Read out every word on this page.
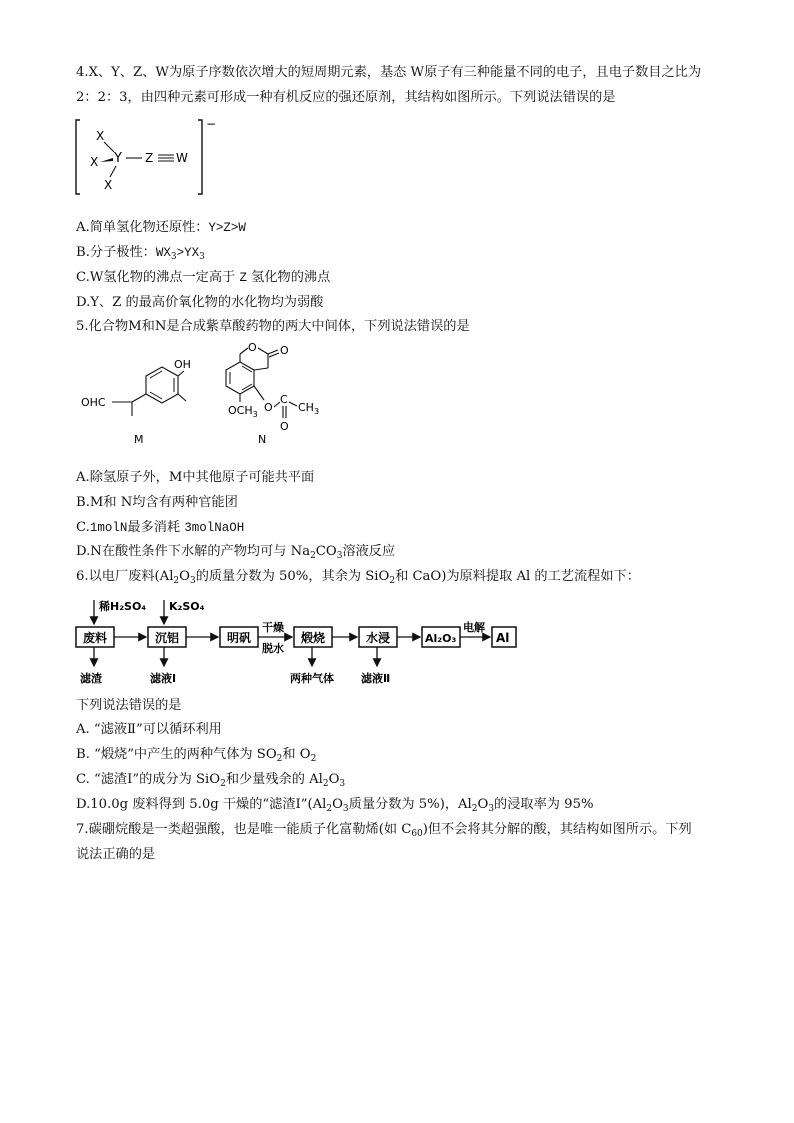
4.X、Y、Z、W为原子序数依次增大的短周期元素，基态 W原子有三种能量不同的电子，且电子数目之比为
2：2：3，由四种元素可形成一种有机反应的强还原剂，其结构如图所示。下列说法错误的是
−
X
X Y
X
Z W
A.简单氢化物还原性：Y>Z>W
B.分子极性：$WX_3>YX_3$
C.W氢化物的沸点一定高于 Z 氢化物的沸点
D.Y、Z 的最高价氧化物的水化物均为弱酸
5.化合物M和N是合成紫草酸药物的两大中间体，下列说法错误的是
OH
OHC
M
O O
O
C
$CH_3$
O
$OCH_3$
N
A.除氢原子外，M中其他原子可能共平面
B.M和 N均含有两种官能团
C.1molN最多消耗 3molNaOH
D.N在酸性条件下水解的产物均可与 $Na_2CO_3$溶液反应
6.以电厂废料($Al_2O_3$的质量分数为 50%，其余为 SiO$_2$和 CaO)为原料提取 Al 的工艺流程如下：
稀H₂SO₄ K₂SO₄
废料	沉铝	明矾	煅烧	水浸	Al₂O₃	Al
干燥
脱水
电解
滤渣	滤液Ⅰ	两种气体 滤液Ⅱ
下列说法错误的是
A. “滤液Ⅱ”可以循环利用
B. “煅烧”中产生的两种气体为 $SO_2$和 $O_2$
C. “滤渣Ⅰ”的成分为 SiO$_2$和少量残余的 $Al_2O_3$
D.10.0g 废料得到 5.0g 干燥的“滤渣$Ⅰ”(Al_2O_3$质量分数为 5%)，$Al_2O_3$的浸取率为 95%
7.碳硼烷酸是一类超强酸，也是唯一能质子化富勒烯(如 $C_{60}$)但不会将其分解的酸，其结构如图所示。下列
说法正确的是
